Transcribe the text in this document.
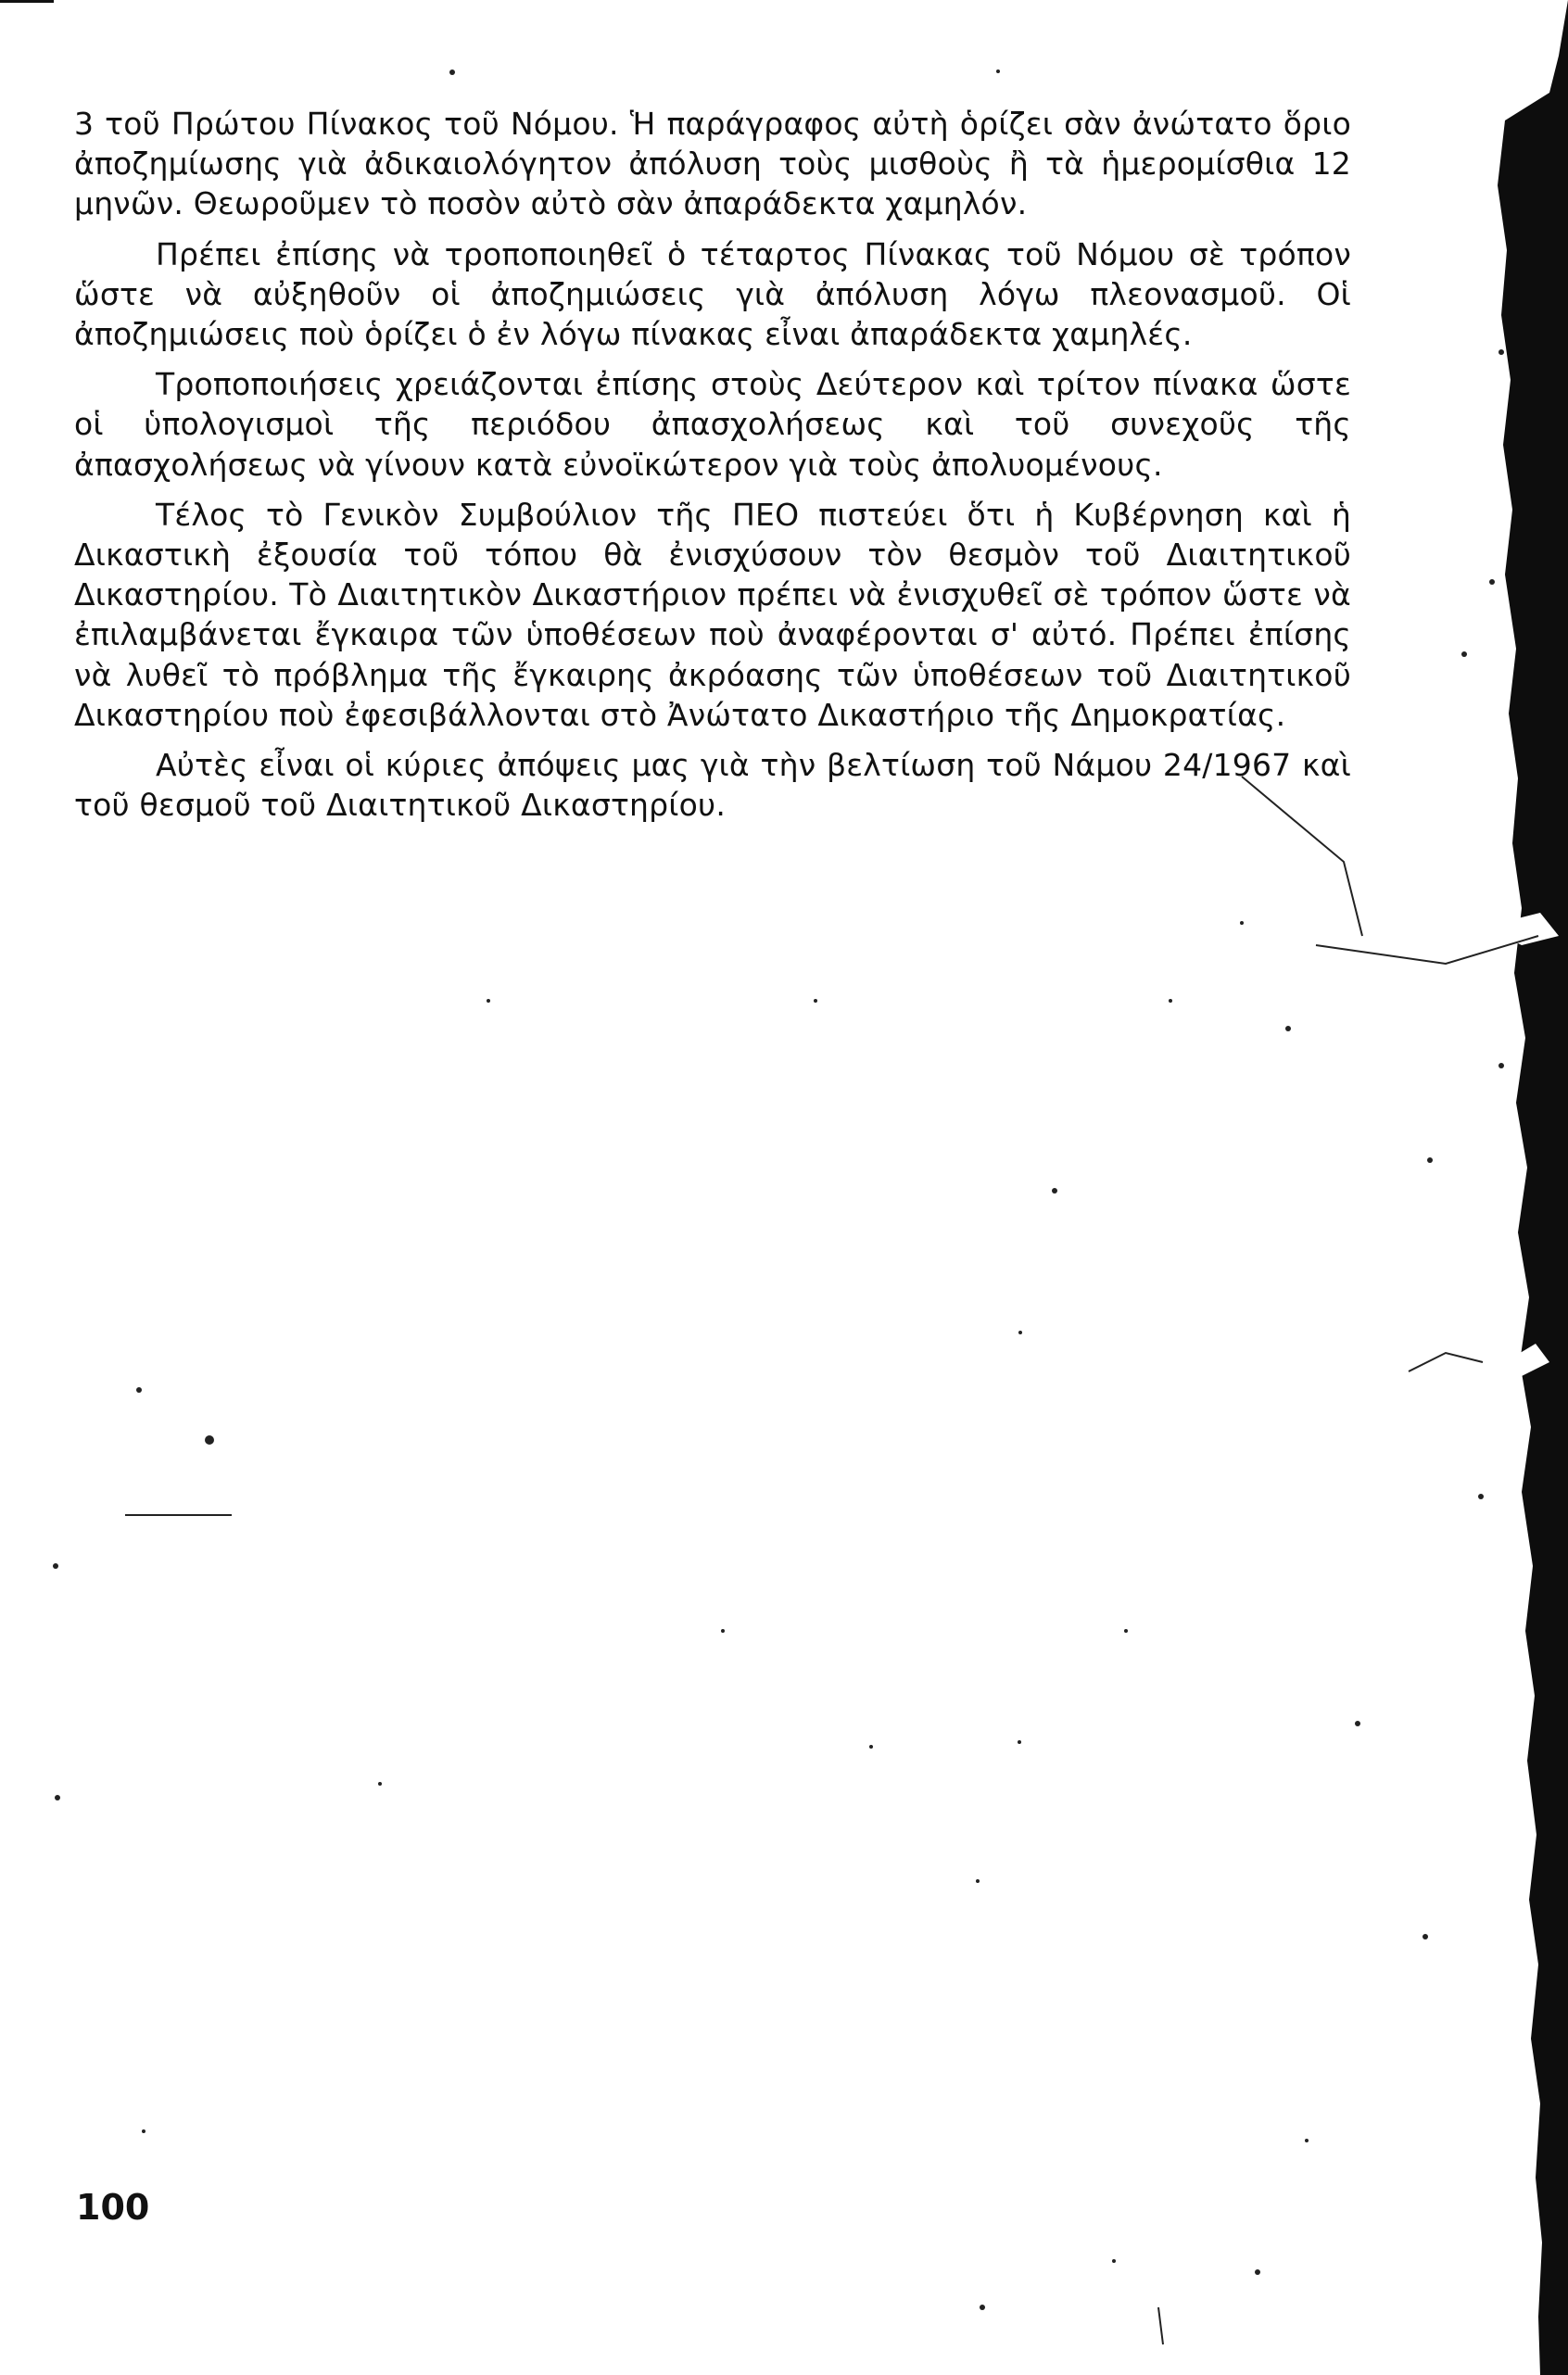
3 τοῦ Πρώτου Πίνακος τοῦ Νόμου. Ἡ παράγραφος αὐτὴ ὁρίζει σὰν ἀνώτατο ὅριο ἀποζημίωσης γιὰ ἀδικαιολόγητον ἀπόλυση τοὺς μισθοὺς ἢ τὰ ἡμερομίσθια 12 μηνῶν. Θεωροῦμεν τὸ ποσὸν αὐτὸ σὰν ἀπαράδεκτα χαμηλόν.

Πρέπει ἐπίσης νὰ τροποποιηθεῖ ὁ τέταρτος Πίνακας τοῦ Νόμου σὲ τρόπον ὥστε νὰ αὐξηθοῦν οἱ ἀποζημιώσεις γιὰ ἀπόλυση λόγω πλεονασμοῦ. Οἱ ἀποζημιώσεις ποὺ ὁρίζει ὁ ἐν λόγω πίνακας εἶναι ἀπαράδεκτα χαμηλές.

Τροποποιήσεις χρειάζονται ἐπίσης στοὺς Δεύτερον καὶ τρίτον πίνακα ὥστε οἱ ὑπολογισμοὶ τῆς περιόδου ἀπασχολήσεως καὶ τοῦ συνεχοῦς τῆς ἀπασχολήσεως νὰ γίνουν κατὰ εὐνοϊκώτερον γιὰ τοὺς ἀπολυομένους.

Τέλος τὸ Γενικὸν Συμβούλιον τῆς ΠΕΟ πιστεύει ὅτι ἡ Κυβέρνηση καὶ ἡ Δικαστικὴ ἐξουσία τοῦ τόπου θὰ ἐνισχύσουν τὸν θεσμὸν τοῦ Διαιτητικοῦ Δικαστηρίου. Τὸ Διαιτητικὸν Δικαστήριον πρέπει νὰ ἐνισχυθεῖ σὲ τρόπον ὥστε νὰ ἐπιλαμβάνεται ἔγκαιρα τῶν ὑποθέσεων ποὺ ἀναφέρονται σ' αὐτό. Πρέπει ἐπίσης νὰ λυθεῖ τὸ πρόβλημα τῆς ἔγκαιρης ἀκρόασης τῶν ὑποθέσεων τοῦ Διαιτητικοῦ Δικαστηρίου ποὺ ἐφεσιβάλλονται στὸ Ἀνώτατο Δικαστήριο τῆς Δημοκρατίας.

Αὐτὲς εἶναι οἱ κύριες ἀπόψεις μας γιὰ τὴν βελτίωση τοῦ Νάμου 24/1967 καὶ τοῦ θεσμοῦ τοῦ Διαιτητικοῦ Δικαστηρίου.

100
